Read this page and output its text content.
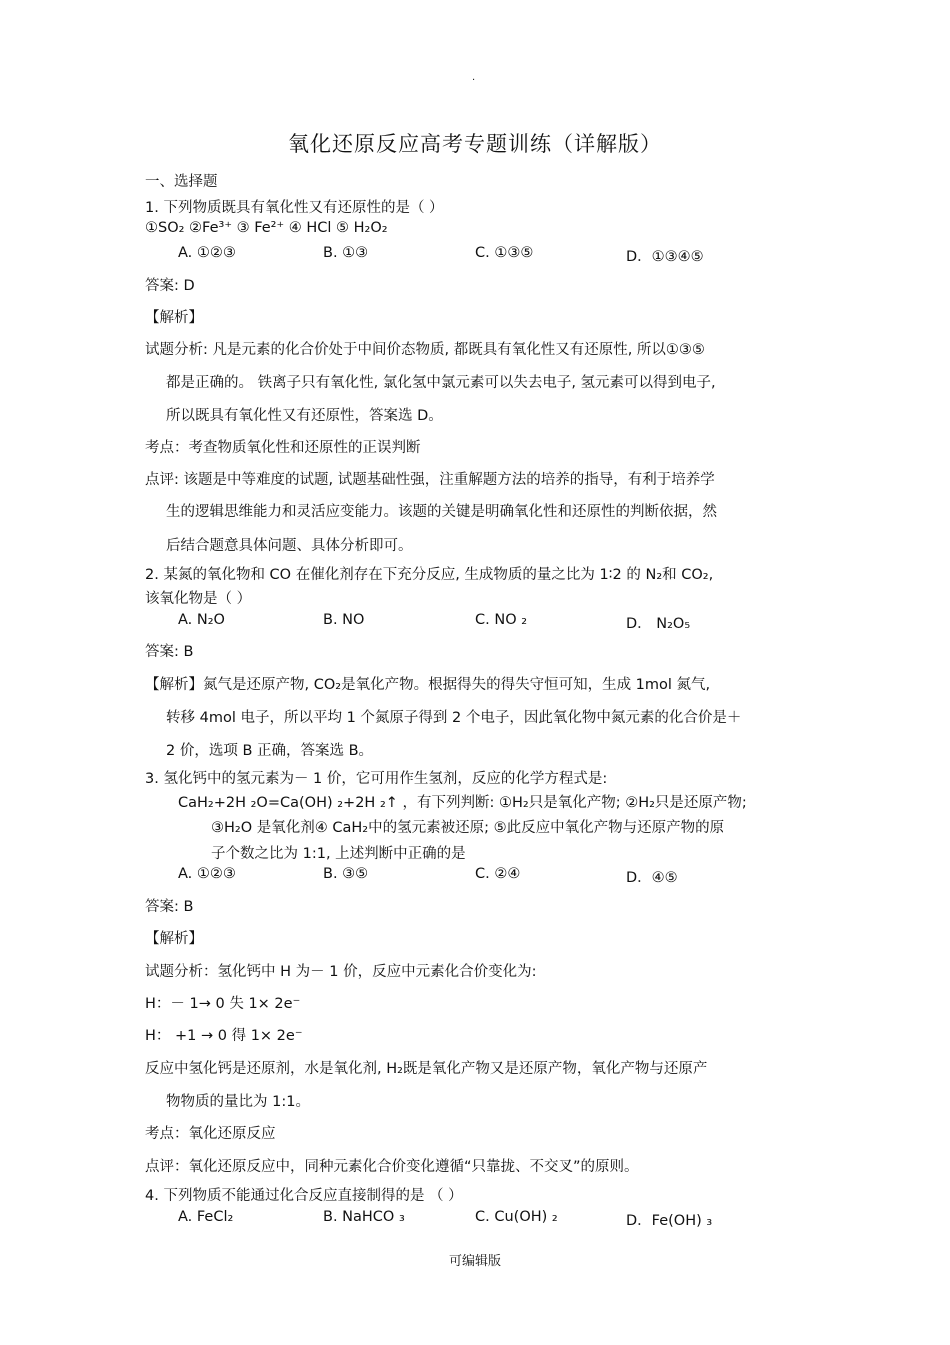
.
氧化还原反应高考专题训练（详解版）
一、选择题
1. 下列物质既具有氧化性又有还原性的是（ ）
①SO₂ ②Fe³⁺ ③ Fe²⁺ ④ HCl ⑤ H₂O₂
A. ①②③	B. ①③	C. ①③⑤	D．①③④⑤
答案: D
【解析】
试题分析: 凡是元素的化合价处于中间价态物质, 都既具有氧化性又有还原性, 所以①③⑤
都是正确的。 铁离子只有氧化性, 氯化氢中氯元素可以失去电子, 氢元素可以得到电子,
所以既具有氧化性又有还原性，答案选 D。
考点：考查物质氧化性和还原性的正误判断
点评: 该题是中等难度的试题, 试题基础性强，注重解题方法的培养的指导，有利于培养学
生的逻辑思维能力和灵活应变能力。该题的关键是明确氧化性和还原性的判断依据，然
后结合题意具体问题、具体分析即可。
2. 某氮的氧化物和 CO 在催化剂存在下充分反应, 生成物质的量之比为 1∶2 的 N₂和 CO₂,
该氧化物是（ ）
A. N₂O	B. NO	C. NO ₂	D． N₂O₅
答案: B
【解析】氮气是还原产物, CO₂是氧化产物。根据得失的得失守恒可知，生成 1mol 氮气,
转移 4mol 电子，所以平均 1 个氮原子得到 2 个电子，因此氧化物中氮元素的化合价是＋
2 价，选项 B 正确，答案选 B。
3. 氢化钙中的氢元素为－ 1 价，它可用作生氢剂，反应的化学方程式是:
CaH₂+2H ₂O=Ca(OH) ₂+2H ₂↑ ，有下列判断: ①H₂只是氧化产物; ②H₂只是还原产物;
③H₂O 是氧化剂④ CaH₂中的氢元素被还原; ⑤此反应中氧化产物与还原产物的原
子个数之比为 1:1, 上述判断中正确的是
A. ①②③	B. ③⑤	C. ②④	D．④⑤
答案: B
【解析】
试题分析：氢化钙中 H 为－ 1 价，反应中元素化合价变化为:
H：－ 1→ 0 失 1× 2e⁻
H： +1 → 0 得 1× 2e⁻
反应中氢化钙是还原剂，水是氧化剂, H₂既是氧化产物又是还原产物，氧化产物与还原产
物物质的量比为 1:1。
考点：氧化还原反应
点评：氧化还原反应中，同种元素化合价变化遵循“只靠拢、不交叉”的原则。
4. 下列物质不能通过化合反应直接制得的是 （ ）
A. FeCl₂	B. NaHCO ₃	C. Cu(OH) ₂	D．Fe(OH) ₃
可编辑版
